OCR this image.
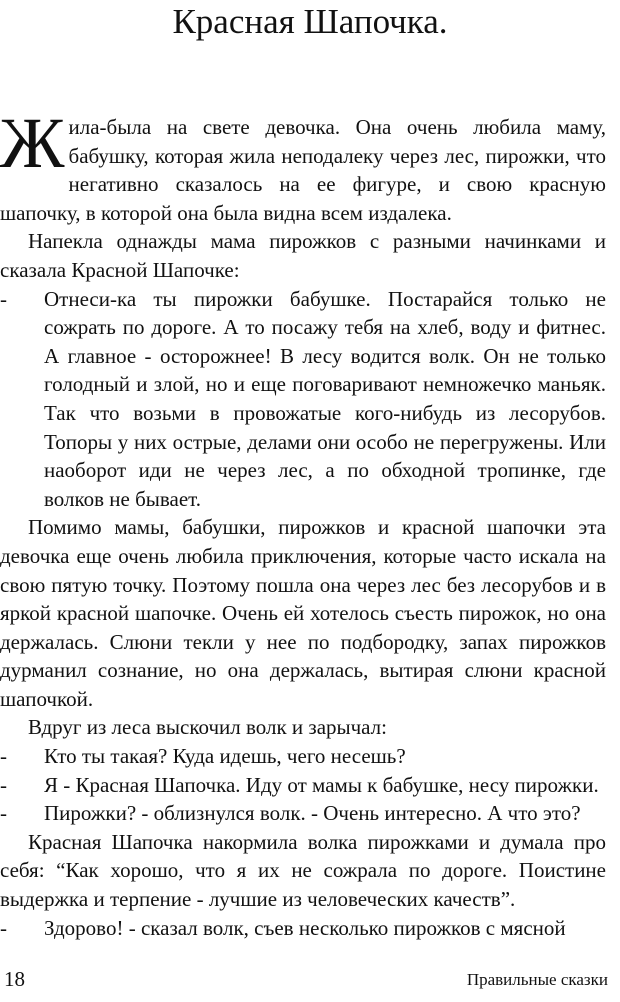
Красная Шапочка.

Жила-была на свете девочка. Она очень любила маму, бабушку, которая жила неподалеку через лес, пирожки, что негативно сказалось на ее фигуре, и свою красную шапочку, в которой она была видна всем издалека.

Напекла однажды мама пирожков с разными начинками и сказала Красной Шапочке:

- Отнеси-ка ты пирожки бабушке. Постарайся только не сожрать по дороге. А то посажу тебя на хлеб, воду и фитнес. А главное - осторожнее! В лесу водится волк. Он не только голодный и злой, но и еще поговаривают немножечко маньяк. Так что возьми в провожатые кого-нибудь из лесорубов. Топоры у них острые, делами они особо не перегружены. Или наоборот иди не через лес, а по обходной тропинке, где волков не бывает.

Помимо мамы, бабушки, пирожков и красной шапочки эта девочка еще очень любила приключения, которые часто искала на свою пятую точку. Поэтому пошла она через лес без лесорубов и в яркой красной шапочке. Очень ей хотелось съесть пирожок, но она держалась. Слюни текли у нее по подбородку, запах пирожков дурманил сознание, но она держалась, вытирая слюни красной шапочкой.

Вдруг из леса выскочил волк и зарычал:

- Кто ты такая? Куда идешь, чего несешь?

- Я - Красная Шапочка. Иду от мамы к бабушке, несу пирожки.

- Пирожки? - облизнулся волк. - Очень интересно. А что это?

Красная Шапочка накормила волка пирожками и думала про себя: “Как хорошо, что я их не сожрала по дороге. Поистине выдержка и терпение - лучшие из человеческих качеств”.

- Здорово! - сказал волк, съев несколько пирожков с мясной

18	Правильные сказки
